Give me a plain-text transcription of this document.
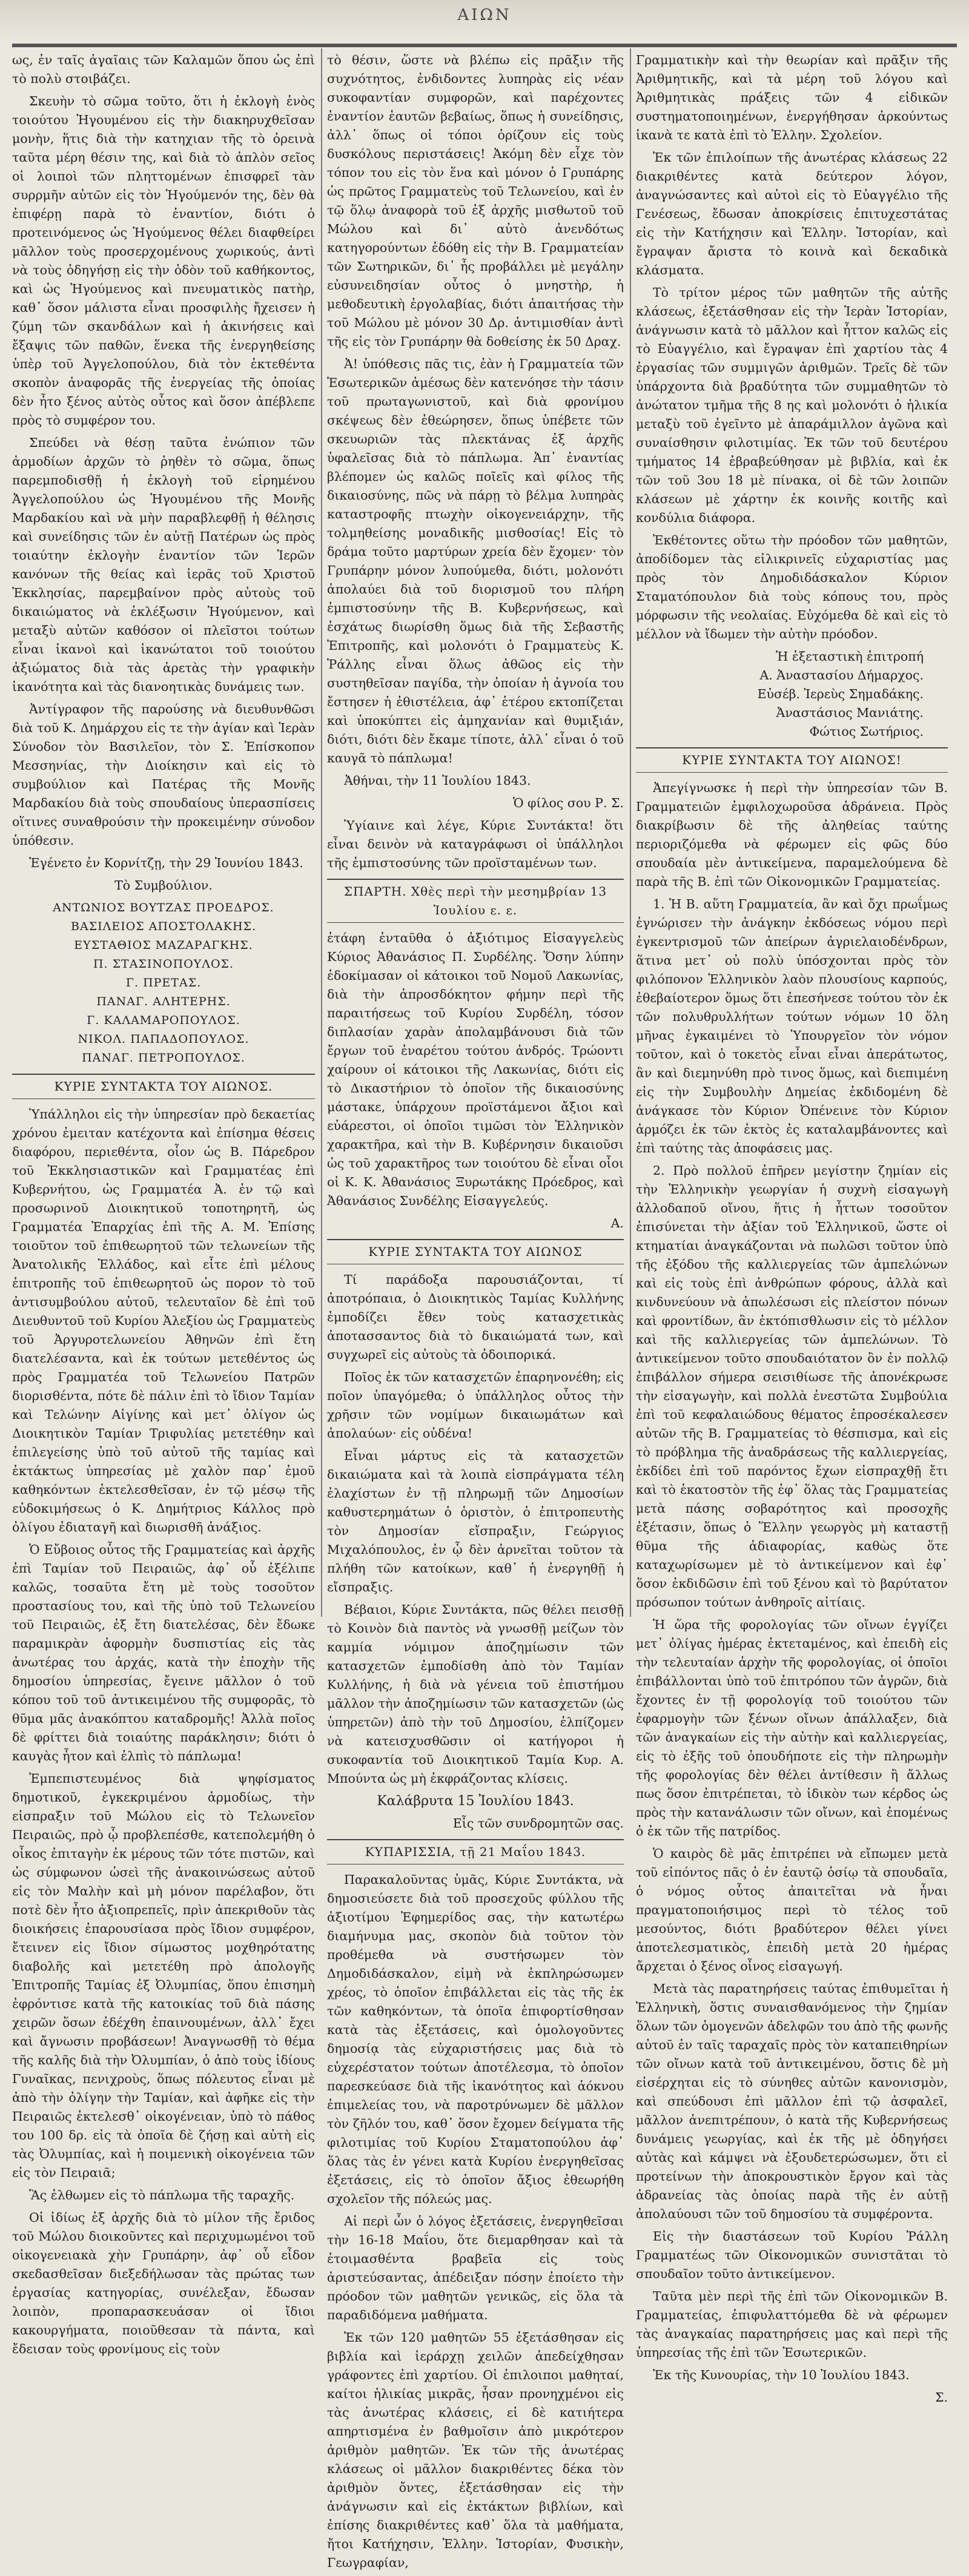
ΑΙΩΝ

ως, ἐν ταῖς ἀγαῖαις τῶν Καλαμῶν ὅπου ὡς ἐπὶ τὸ πολὺ στοιβάζει.

Σκευὴν τὸ σῶμα τοῦτο, ὅτι ἡ ἐκλογὴ ἑνὸς τοιούτου Ἡγουμένου εἰς τὴν διακηρυχθεῖσαν μονὴν, ἥτις διὰ τὴν κατηχιαν τῆς τὸ ὀρεινὰ ταῦτα μέρη θέσιν της, καὶ διὰ τὸ ἀπλὸν σεῖος οἱ λοιποὶ τῶν πληττομένων ἐπισφρεῖ τὰν συρρμῆν αὐτῶν εἰς τὸν Ἡγούμενόν της, δὲν θὰ ἐπιφέρῃ παρὰ τὸ ἐναντίον, διότι ὁ προτεινόμενος ὡς Ἡγούμενος θέλει διαφθείρει μᾶλλον τοὺς προσερχομένους χωρικούς, ἀντὶ νὰ τοὺς ὁδηγήσῃ εἰς τὴν ὁδὸν τοῦ καθήκοντος, καὶ ὡς Ἡγούμενος καὶ πνευματικὸς πατὴρ, καθ᾿ ὅσον μάλιστα εἶναι προσφιλὴς ἤχεισεν ἡ ζύμη τῶν σκανδάλων καὶ ἡ ἀκινήσεις καὶ ἔξαψις τῶν παθῶν, ἕνεκα τῆς ἐνεργηθείσης ὑπὲρ τοῦ Ἀγγελοπούλου, διὰ τὸν ἐκτεθέντα σκοπὸν ἀναφορᾶς τῆς ἐνεργείας τῆς ὁποίας δὲν ἦτο ξένος αὐτὸς οὗτος καὶ ὅσον ἀπέβλεπε πρὸς τὸ συμφέρον του.

Σπεύδει νὰ θέσῃ ταῦτα ἐνώπιον τῶν ἁρμοδίων ἀρχῶν τὸ ῥηθὲν τὸ σῶμα, ὅπως παρεμποδισθῇ ἡ ἐκλογὴ τοῦ εἰρημένου Ἀγγελοπούλου ὡς Ἡγουμένου τῆς Μονῆς Μαρδακίου καὶ νὰ μὴν παραβλεφθῇ ἡ θέλησις καὶ συνείδησις τῶν ἐν αὐτῇ Πατέρων ὡς πρὸς τοιαύτην ἐκλογὴν ἐναντίον τῶν Ἱερῶν κανόνων τῆς θείας καὶ ἱερᾶς τοῦ Χριστοῦ Ἐκκλησίας, παρεμβαίνον πρὸς αὐτοὺς τοῦ δικαιώματος νὰ ἐκλέξωσιν Ἡγούμενον, καὶ μεταξὺ αὐτῶν καθόσον οἱ πλεῖστοι τούτων εἶναι ἱκανοὶ καὶ ἱκανώτατοι τοῦ τοιούτου ἀξιώματος διὰ τὰς ἀρετὰς τὴν γραφικὴν ἱκανότητα καὶ τὰς διανοητικὰς δυνάμεις των.

Ἀντίγραφον τῆς παρούσης νὰ διευθυνθῶσι διὰ τοῦ Κ. Δημάρχου εἰς τε τὴν ἁγίαν καὶ Ἱερὰν Σύνοδον τὸν Βασιλεῖον, τὸν Σ. Ἐπίσκοπον Μεσσηνίας, τὴν Διοίκησιν καὶ εἰς τὸ συμβούλιον καὶ Πατέρας τῆς Μονῆς Μαρδακίου διὰ τοὺς σπουδαίους ὑπερασπίσεις οἵτινες συναθρούσιν τὴν προκειμένην σύνοδον ὑπόθεσιν.

Ἐγένετο ἐν Κορνίτζῃ, τὴν 29 Ἰουνίου 1843.

Τὸ Συμβούλιον.

ΑΝΤΩΝΙΟΣ ΒΟΥΤΖΑΣ ΠΡΟΕΔΡΟΣ.

ΒΑΣΙΛΕΙΟΣ ΑΠΟΣΤΟΛΑΚΗΣ.

ΕΥΣΤΑΘΙΟΣ ΜΑΖΑΡΑΓΚΗΣ.

Π. ΣΤΑΣΙΝΟΠΟΥΛΟΣ.

Γ. ΠΡΕΤΑΣ.

ΠΑΝΑΓ. ΑΛΗΤΕΡΗΣ.

Γ. ΚΑΛΑΜΑΡΟΠΟΥΛΟΣ.

ΝΙΚΟΛ. ΠΑΠΑΔΟΠΟΥΛΟΣ.

ΠΑΝΑΓ. ΠΕΤΡΟΠΟΥΛΟΣ.

ΚΥΡΙΕ ΣΥΝΤΑΚΤΑ ΤΟΥ ΑΙΩΝΟΣ.

Ὑπάλληλοι εἰς τὴν ὑπηρεσίαν πρὸ δεκαετίας χρόνου ἐμειταν κατέχοντα καὶ ἐπίσημα θέσεις διαφόρου, περιεθέντα, οἷον ὡς Β. Πάρεδρον τοῦ Ἐκκλησιαστικῶν καὶ Γραμματέας ἐπὶ Κυβερνήτου, ὡς Γραμματέα Ἀ. ἐν τῷ καὶ προσωρινοῦ Διοικητικοῦ τοποτηρητῆ, ὡς Γραμματέα Ἐπαρχίας ἐπὶ τῆς Α. Μ. Ἐπίσης τοιοῦτον τοῦ ἐπιθεωρητοῦ τῶν τελωνείων τῆς Ἀνατολικῆς Ἑλλάδος, καὶ εἶτε ἐπὶ μέλους ἐπιτροπῆς τοῦ ἐπιθεωρητοῦ ὡς πορον τὸ τοῦ ἀντισυμβούλου αὐτοῦ, τελευταῖον δὲ ἐπὶ τοῦ Διευθυντοῦ τοῦ Κυρίου Ἀλεξίου ὡς Γραμματεὺς τοῦ Ἀργυροτελωνείου Ἀθηνῶν ἐπὶ ἔτη διατελέσαντα, καὶ ἐκ τούτων μετεθέντος ὡς πρὸς Γραμματέα τοῦ Τελωνείου Πατρῶν διορισθέντα, πότε δὲ πάλιν ἐπὶ τὸ ἴδιον Ταμίαν καὶ Τελώνην Αἰγίνης καὶ μετ᾿ ὀλίγον ὡς Διοικητικὸν Ταμίαν Τριφυλίας μετετέθην καὶ ἐπιλεγείσης ὑπὸ τοῦ αὐτοῦ τῆς ταμίας καὶ ἐκτάκτως ὑπηρεσίας μὲ χαλὸν παρ᾿ ἐμοῦ καθηκόντων ἐκτελεσθεῖσαν, ἐν τῷ μέσῳ τῆς εὐδοκιμήσεως ὁ Κ. Δημήτριος Κάλλος πρὸ ὀλίγου ἐδιαταγῆ καὶ διωρισθῆ ἀνάξιος.

Ὁ Εὔβοιος οὗτος τῆς Γραμματείας καὶ ἀρχῆς ἐπὶ Ταμίαν τοῦ Πειραιῶς, ἀφ᾿ οὗ ἐξέλιπε καλῶς, τοσαῦτα ἔτη μὲ τοὺς τοσοῦτον προστασίους του, καὶ τῆς ὑπὸ τοῦ Τελωνείου τοῦ Πειραιῶς, ἐξ ἔτη διατελέσας, δὲν ἔδωκε παραμικρὰν ἀφορμὴν δυσπιστίας εἰς τὰς ἀνωτέρας του ἀρχάς, κατὰ τὴν ἐποχὴν τῆς δημοσίου ὑπηρεσίας, ἔγεινε μᾶλλον ὁ τοῦ κόπου τοῦ τοῦ ἀντικειμένου τῆς συμφορᾶς, τὸ θῦμα μᾶς ἀνακόπτου καταδρομῆς! Ἀλλὰ ποῖος δὲ φρίττει διὰ τοιαύτης παράκλησιν; διότι ὁ καυγὰς ἦτον καὶ ἐλπὶς τὸ πάπλωμα!

Ἐμπεπιστευμένος διὰ ψηφίσματος δημοτικοῦ, ἐγκεκριμένου ἁρμοδίως, τὴν εἰσπραξιν τοῦ Μώλου εἰς τὸ Τελωνεῖον Πειραιῶς, πρὸ ᾧ προβλεπέσθε, κατεπολεμήθη ὁ οἶκος ἐπιταγὴν ἐκ μέρους τῶν τότε πιστῶν, καὶ ὡς σύμφωνον ὠσεὶ τῆς ἀνακοινώσεως αὐτοῦ εἰς τὸν Μαλὴν καὶ μὴ μόνον παρέλαβον, ὅτι ποτὲ δὲν ἦτο ἀξιοπρεπεῖς, πρὶν ἀπεκριθοῦν τὰς διοικήσεις ἐπαρουσίασα πρὸς ἴδιον συμφέρον, ἔτεινεν εἰς ἴδιον σίμωστος μοχθηρότατης διαβολῆς καὶ μετετέθη πρὸ ἀπολογῆς Ἐπιτροπῆς Ταμίας ἐξ Ὀλυμπίας, ὅπου ἐπισημὴ ἐφρόντισε κατὰ τῆς κατοικίας τοῦ διὰ πάσης χειρῶν ὅσων ἐδέχθη ἐπαινουμένων, ἀλλ᾿ ἔχει καὶ ἄγνωσιν προβάσεων! Ἀναγνωσθῇ τὸ θέμα τῆς καλῆς διὰ τὴν Ὀλυμπίαν, ὁ ἀπὸ τοὺς ἰδίους Γυναῖκας, πενιχροὺς, ὅπως πόλευτος εἶναι μὲ ἀπὸ τὴν ὀλίγην τὴν Ταμίαν, καὶ ἀφῆκε εἰς τὴν Πειραιῶς ἐκτελεσθ᾿ οἰκογένειαν, ὑπὸ τὸ πάθος του 100 δρ. εἰς τὰ ὁποῖα δὲ ζήσῃ καὶ αὐτὴ εἰς τὰς Ὀλυμπίας, καὶ ἡ ποιμενικὴ οἰκογένεια τῶν εἰς τὸν Πειραιᾶ;

Ἂς ἐλθωμεν εἰς τὸ πάπλωμα τῆς ταραχῆς.

Οἱ ἰδίως ἐξ ἀρχῆς διὰ τὸ μίλον τῆς ἔριδος τοῦ Μώλου διοικοῦντες καὶ περιχυμωμένοι τοῦ οἰκογενειακὰ χὴν Γρυπάρην, ἀφ᾿ οὗ εἶδον σκεδασθεῖσαν διεξεδήλωσαν τὰς πρώτας των ἐργασίας κατηγορίας, συνέλεξαν, ἔδωσαν λοιπὸν, προπαρασκευάσαν οἱ ἴδιοι κακουργήματα, ποιοῦθεσαν τὰ πάντα, καὶ ἔδεισαν τοὺς φρονίμους εἰς τοὺν

τὸ θέσιν, ὥστε νὰ βλέπω εἰς πρᾶξιν τῆς συχνότητος, ἐνδιδοντες λυπηρὰς εἰς νέαν συκοφαντίαν συμφορῶν, καὶ παρέχοντες ἐναντίον ἑαυτῶν βεβαίως, ὅπως ἡ συνείδησις, ἀλλ᾿ ὅπως οἱ τόποι ὁρίζουν εἰς τοὺς δυσκόλους περιστάσεις! Ἀκόμη δὲν εἶχε τὸν τόπον του εἰς τὸν ἕνα καὶ μόνον ὁ Γρυπάρης ὡς πρῶτος Γραμματεὺς τοῦ Τελωνείου, καὶ ἐν τῷ ὅλῳ ἀναφορὰ τοῦ ἐξ ἀρχῆς μισθωτοῦ τοῦ Μώλου καὶ δι᾿ αὐτὸ ἀνενδότως κατηγορούντων ἐδόθη εἰς τὴν Β. Γραμματείαν τῶν Σωτηρικῶν, δι᾿ ἧς προβάλλει μὲ μεγάλην εὐσυνειδησίαν οὗτος ὁ μνηστὴρ, ἡ μεθοδευτικὴ ἐργολαβίας, διότι ἀπαιτήσας τὴν τοῦ Μώλου μὲ μόνον 30 Δρ. ἀντιμισθίαν ἀντὶ τῆς εἰς τὸν Γρυπάρην θὰ δοθείσης ἐκ 50 Δραχ.

Ἀ! ὑπόθεσις πᾶς τις, ἐὰν ἡ Γραμματεία τῶν Ἐσωτερικῶν ἀμέσως δὲν κατενόησε τὴν τάσιν τοῦ πρωταγωνιστοῦ, καὶ διὰ φρονίμου σκέψεως δὲν ἐθεώρησεν, ὅπως ὑπέβετε τῶν σκευωριῶν τὰς πλεκτάνας ἐξ ἀρχῆς ὑφαλεῖσας διὰ τὸ πάπλωμα. Ἀπ᾿ ἐναντίας βλέπομεν ὡς καλῶς ποῖεῖς καὶ φίλος τῆς δικαιοσύνης, πῶς νὰ πάρῃ τὸ βέλμα λυπηρὰς καταστροφῆς πτωχὴν οἰκογενειάρχην, τῆς τολμηθείσης μοναδικῆς μισθοσίας! Εἰς τὸ δράμα τοῦτο μαρτύρων χρεία δὲν ἔχομεν· τὸν Γρυπάρην μόνον λυπούμεθα, διότι, μολονότι ἀπολαύει διὰ τοῦ διορισμοῦ του πλήρη ἐμπιστοσύνην τῆς Β. Κυβερνήσεως, καὶ ἐσχάτως διωρίσθη ὅμως διὰ τῆς Σεβαστῆς Ἐπιτροπῆς, καὶ μολονότι ὁ Γραμματεὺς Κ. Ῥάλλης εἶναι ὅλως ἀθῶος εἰς τὴν συστηθεῖσαν παγίδα, τὴν ὁποίαν ἡ ἀγνοία του ἔστησεν ἡ ἐθιστέλεια, ἀφ᾿ ἑτέρου εκτοπίζεται καὶ ὑποκύπτει εἰς ἀμηχανίαν καὶ θυμιξιάν, διότι, διότι δὲν ἔκαμε τίποτε, ἀλλ᾿ εἶναι ὁ τοῦ καυγᾶ τὸ πάπλωμα!

Ἀθήναι, τὴν 11 Ἰουλίου 1843.

Ὁ φίλος σου Ρ. Σ.

Ὑγίαινε καὶ λέγε, Κύριε Συντάκτα! ὅτι εἶναι δεινὸν νὰ καταγράφωσι οἱ ὑπάλληλοι τῆς ἐμπιστοσύνης τῶν προϊσταμένων των.

ΣΠΑΡΤΗ. Χθὲς περὶ τὴν μεσημβρίαν 13 Ἰουλίου ε. ε.

ἐτάφη ἐνταῦθα ὁ ἀξιότιμος Εἰσαγγελεὺς Κύριος Ἀθανάσιος Π. Συρδέλης. Ὅσην λύπην ἐδοκίμασαν οἱ κάτοικοι τοῦ Νομοῦ Λακωνίας, διὰ τὴν ἀπροσδόκητον φήμην περὶ τῆς παραιτήσεως τοῦ Κυρίου Συρδέλη, τόσον διπλασίαν χαρὰν ἀπολαμβάνουσι διὰ τῶν ἔργων τοῦ ἐναρέτου τούτου ἀνδρός. Τρώοντι χαίρουν οἱ κάτοικοι τῆς Λακωνίας, διότι εἰς τὸ Δικαστήριον τὸ ὁποῖον τῆς δικαιοσύνης μάστακε, ὑπάρχουν προϊστάμενοι ἄξιοι καὶ εὐάρεστοι, οἱ ὁποῖοι τιμῶσι τὸν Ἑλληνικὸν χαρακτῆρα, καὶ τὴν Β. Κυβέρνησιν δικαιοῦσι ὡς τοῦ χαρακτῆρος των τοιούτου δὲ εἶναι οἷοι οἱ Κ. Κ. Ἀθανάσιος Ξυρωτάκης Πρόεδρος, καὶ Ἀθανάσιος Συνδέλης Εἰσαγγελεύς.

Α.

ΚΥΡΙΕ ΣΥΝΤΑΚΤΑ ΤΟΥ ΑΙΩΝΟΣ

Τί παράδοξα παρουσιάζονται, τί ἀποτρόπαια, ὁ Διοικητικὸς Ταμίας Κυλλήνης ἐμποδίζει ἔθεν τοὺς κατασχετικὰς ἀποτασσαντος διὰ τὸ δικαιώματά των, καὶ συγχωρεῖ εἰς αὐτοὺς τὰ ὀδοιπορικά.

Ποῖος ἐκ τῶν κατασχετῶν ἐπαρηνονέθη; εἰς ποῖον ὑπαγόμεθα; ὁ ὑπάλληλος οὗτος τὴν χρῆσιν τῶν νομίμων δικαιωμάτων καὶ ἀπολαύων· εἰς οὐδένα!

Εἶναι μάρτυς εἰς τὰ κατασχετῶν δικαιώματα καὶ τὰ λοιπὰ εἰσπράγματα τέλη ἐλαχίστων ἐν τῇ πληρωμῇ τῶν Δημοσίων καθυστερημάτων ὁ ὁριστὸν, ὁ ἐπιτροπευτὴς τὸν Δημοσίαν εἴσπραξιν, Γεώργιος Μιχαλόπουλος, ἐν ᾧ δὲν ἀρνεῖται τοῦτον τὰ πλήθη τῶν κατοίκων, καθ᾿ ἡ ἐνεργηθῇ ἡ εἴσπραξις.

Βέβαιοι, Κύριε Συντάκτα, πῶς θέλει πεισθῇ τὸ Κοινὸν διὰ παντὸς νὰ γνωσθῇ μείζων τὸν καμμία νόμιμον ἀποζημίωσιν τῶν κατασχετῶν ἐμποδίσθη ἀπὸ τὸν Ταμίαν Κυλλήνης, ἡ διὰ νὰ γένεια τοῦ ἐπιστήμου μᾶλλον τὴν ἀποζημίωσιν τῶν κατασχετῶν (ὡς ὑπηρετῶν) ἀπὸ τὴν τοῦ Δημοσίου, ἐλπίζομεν νὰ κατεισχυσθῶσιν οἱ κατήγοροι ἡ συκοφαντία τοῦ Διοικητικοῦ Ταμία Κυρ. Α. Μπούντα ὡς μὴ ἐκφράζοντας κλίσεις.

Καλάβρυτα 15 Ἰουλίου 1843.

Εἷς τῶν συνδρομητῶν σας.

ΚΥΠΑΡΙΣΣΙΑ, τῇ 21 Μαΐου 1843.

Παρακαλοῦντας ὑμᾶς, Κύριε Συντάκτα, νὰ δημοσιεύσετε διὰ τοῦ προσεχοῦς φύλλου τῆς ἀξιοτίμου Ἐφημερίδος σας, τὴν κατωτέρω διαμήνυμα μας, σκοπὸν διὰ τοῦτον τὸν προθέμεθα νὰ συστήσωμεν τὸν Δημοδιδάσκαλον, εἰμὴ νὰ ἐκπληρώσωμεν χρέος, τὸ ὁποῖον ἐπιβάλλεται εἰς τὰς τῆς ἐκ τῶν καθηκόντων, τὰ ὁποῖα ἐπιφορτίσθησαν κατὰ τὰς ἐξετάσεις, καὶ ὁμολογοῦντες δημοσίᾳ τὰς εὐχαριστήσεις μας διὰ τὸ εὐχερέστατον τούτων ἀποτέλεσμα, τὸ ὁποῖον παρεσκεύασε διὰ τῆς ἱκανότητος καὶ ἀόκνου ἐπιμελείας του, νὰ παροτρύνωμεν δὲ μᾶλλον τὸν ζῆλόν του, καθ᾿ ὅσον ἔχομεν δείγματα τῆς φιλοτιμίας τοῦ Κυρίου Σταματοπούλου ἀφ᾿ ὅλας τὰς ἐν γένει κατὰ Κυρίου ἐνεργηθεῖσας ἐξετάσεις, εἰς τὸ ὁποῖον ἄξιος ἐθεωρήθη σχολεῖον τῆς πόλεώς μας.

Αἱ περὶ ὧν ὁ λόγος ἐξετάσεις, ἐνεργηθεῖσαι τὴν 16-18 Μαΐου, ὅτε διεμαρθησαν καὶ τὰ ἐτοιμασθέντα βραβεῖα εἰς τοὺς ἀριστεύσαντας, ἀπέδειξαν πόσην ἐποίετο τὴν πρόοδον τῶν μαθητῶν γενικῶς, εἰς ὅλα τὰ παραδιδόμενα μαθήματα.

Ἐκ τῶν 120 μαθητῶν 55 ἐξετάσθησαν εἰς βιβλία καὶ ἱεράρχῃ χειλῶν ἀπεδείχθησαν γράφοντες ἐπὶ χαρτίου. Οἱ ἐπιλοιποι μαθηταί, καίτοι ἡλικίας μικρᾶς, ἦσαν προνηχμένοι εἰς τὰς ἀνωτέρας κλάσεις, εἰ δὲ κατιήτερα απηρτισμένα ἐν βαθμοῖσιν ἀπὸ μικρότερον ἀριθμὸν μαθητῶν. Ἐκ τῶν τῆς ἀνωτέρας κλάσεως οἱ μᾶλλον διακριθέντες δέκα τὸν ἀριθμὸν ὄντες, ἐξετάσθησαν εἰς τὴν ἀνάγνωσιν καὶ εἰς ἐκτάκτων βιβλίων, καὶ ἐπίσης διακριθέντες καθ᾿ ὅλα τὰ μαθήματα, ἤτοι Κατήχησιν, Ἑλλην. Ἱστορίαν, Φυσικὴν, Γεωγραφίαν,

Γραμματικὴν καὶ τὴν θεωρίαν καὶ πρᾶξιν τῆς Ἀριθμητικῆς, καὶ τὰ μέρη τοῦ λόγου καὶ Ἀριθμητικὰς πράξεις τῶν 4 εἰδικῶν συστηματοποιημένων, ἐνεργήθησαν ἀρκούντως ἱκανὰ τε κατὰ ἐπὶ τὸ Ἑλλην. Σχολείον.

Ἐκ τῶν ἐπιλοίπων τῆς ἀνωτέρας κλάσεως 22 διακριθέντες κατὰ δεύτερον λόγον, ἀναγνώσαντες καὶ αὐτοὶ εἰς τὸ Εὐαγγέλιο τῆς Γενέσεως, ἔδωσαν ἀποκρίσεις ἐπιτυχεστάτας εἰς τὴν Κατήχησιν καὶ Ἑλλην. Ἱστορίαν, καὶ ἔγραψαν ἄριστα τὸ κοινὰ καὶ δεκαδικὰ κλάσματα.

Τὸ τρίτον μέρος τῶν μαθητῶν τῆς αὐτῆς κλάσεως, ἐξετάσθησαν εἰς τὴν Ἱερὰν Ἱστορίαν, ἀνάγνωσιν κατὰ τὸ μᾶλλον καὶ ἧττον καλῶς εἰς τὸ Εὐαγγέλιο, καὶ ἔγραψαν ἐπὶ χαρτίου τὰς 4 ἐργασίας τῶν συμμιγῶν ἀριθμῶν. Τρεῖς δὲ τῶν ὑπάρχοντα διὰ βραδύτητα τῶν συμμαθητῶν τὸ ἀνώτατον τμῆμα τῆς 8 ης καὶ μολονότι ὁ ἡλικία μεταξὺ τοῦ ἐγεῖντο μὲ ἀπαράμιλλον ἀγῶνα καὶ συναίσθησιν φιλοτιμίας. Ἐκ τῶν τοῦ δευτέρου τμήματος 14 ἐβραβεύθησαν μὲ βιβλία, καὶ ἐκ τῶν τοῦ 3ου 18 μὲ πίνακα, οἱ δὲ τῶν λοιπῶν κλάσεων μὲ χάρτην ἐκ κοινῆς κοιτῆς καὶ κονδύλια διάφορα.

Ἐκθέτοντες οὕτω τὴν πρόοδον τῶν μαθητῶν, ἀποδίδομεν τὰς εἰλικρινεῖς εὐχαριστίας μας πρὸς τὸν Δημοδιδάσκαλον Κύριον Σταματόπουλον διὰ τοὺς κόπους του, πρὸς μόρφωσιν τῆς νεολαίας. Εὐχόμεθα δὲ καὶ εἰς τὸ μέλλον νὰ ἴδωμεν τὴν αὐτὴν πρόοδον.

Ἡ ἐξεταστικὴ ἐπιτροπή

Α. Ἀναστασίου Δήμαρχος.

Εὐσέβ. Ἱερεὺς Σημαδάκης.

Ἀναστάσιος Μανιάτης.

Φώτιος Σωτήριος.

ΚΥΡΙΕ ΣΥΝΤΑΚΤΑ ΤΟΥ ΑΙΩΝΟΣ!

Ἀπεγίγνωσκε ἡ περὶ τὴν ὑπηρεσίαν τῶν Β. Γραμματειῶν ἐμφιλοχωροῦσα ἀδράνεια. Πρὸς διακρίβωσιν δὲ τῆς ἀληθείας ταύτης περιοριζόμεθα νὰ φέρωμεν εἰς φῶς δύο σπουδαία μὲν ἀντικείμενα, παραμελούμενα δὲ παρὰ τῆς Β. ἐπὶ τῶν Οἰκονομικῶν Γραμματείας.

1. Ἡ Β. αὕτη Γραμματεία, ἂν καὶ ὄχι πρωΐμως ἐγνώρισεν τὴν ἀνάγκην ἐκδόσεως νόμου περὶ ἐγκεντρισμοῦ τῶν ἀπείρων ἀγριελαιοδένδρων, ἅτινα μετ᾿ οὐ πολὺ ὑπόσχονται πρὸς τὸν φιλόπονον Ἑλληνικὸν λαὸν πλουσίους καρπούς, ἐθεβαίοτερον ὅμως ὅτι ἐπεσήνεσε τούτου τὸν ἐκ τῶν πολυθρυλλήτων τούτων νόμων 10 ὅλη μῆνας ἐγκαιμένει τὸ Ὑπουργεῖον τὸν νόμον τοῦτον, καὶ ὁ τοκετὸς εἶναι εἶναι ἀπεράτωτος, ἂν καὶ διεμηνύθη πρὸ τινος ὅμως, καὶ διεπιμένη εἰς τὴν Συμβουλὴν Δημείας ἐκδιδομένη δὲ ἀνάγκασε τὸν Κύριον Ὀπένεινε τὸν Κύριον ἀρμόζει ἐκ τῶν ἐκτὸς ἐς καταλαμβάνοντες καὶ ἐπὶ ταύτης τὰς ἀποφάσεις μας.

2. Πρὸ πολλοῦ ἐπῆρεν μεγίστην ζημίαν εἰς τὴν Ἑλληνικὴν γεωργίαν ἡ συχνὴ εἰσαγωγὴ ἀλλοδαποῦ οἴνου, ἥτις ἡ ἧττων τοσοῦτον ἐπισύνεται τὴν ἀξίαν τοῦ Ἑλληνικοῦ, ὥστε οἱ κτηματίαι ἀναγκάζονται νὰ πωλῶσι τοῦτον ὑπὸ τῆς ἐξόδου τῆς καλλιεργείας τῶν ἀμπελώνων καὶ εἰς τοὺς ἐπὶ ἀνθρώπων φόρους, ἀλλὰ καὶ κινδυνεύουν νὰ ἀπωλέσωσι εἰς πλείστον πόνων καὶ φροντίδων, ἂν ἐκτόπισθλωσιν εἰς τὸ μέλλον καὶ τῆς καλλιεργείας τῶν ἀμπελώνων. Τὸ ἀντικείμενον τοῦτο σπουδαιότατον ὂν ἐν πολλῷ ἐπιβάλλον σήμερα σεισιθίωσε τῆς ἀπονέκρωσε τὴν εἰσαγωγὴν, καὶ πολλὰ ἐνεστῶτα Συμβούλια ἐπὶ τοῦ κεφαλαιώδους θέματος ἐπροσέκαλεσεν αὐτῶν τῆς Β. Γραμματείας τὸ θέσπισμα, καὶ εἰς τὸ πρόβλημα τῆς ἀναδράσεως τῆς καλλιεργείας, ἐκδίδει ἐπὶ τοῦ παρόντος ἔχων εἰσπραχθῇ ἔτι καὶ τὸ ἑκατοστὸν τῆς ἐφ᾿ ὅλας τὰς Γραμματείας μετὰ πάσης σοβαρότητος καὶ προσοχῆς ἐξέτασιν, ὅπως ὁ Ἕλλην γεωργὸς μὴ καταστῇ θῦμα τῆς ἀδιαφορίας, καθὼς ὅτε καταχωρίσωμεν μὲ τὸ ἀντικείμενον καὶ ἐφ᾿ ὅσον ἐκδιδῶσιν ἐπὶ τοῦ ξένου καὶ τὸ βαρύτατον πρόσωπον τούτων ἀνθηροῖς αἰτίαις.

Ἡ ὥρα τῆς φορολογίας τῶν οἴνων ἐγγίζει μετ᾿ ὀλίγας ἡμέρας ἐκτεταμένος, καὶ ἐπειδὴ εἰς τὴν τελευταίαν ἀρχὴν τῆς φορολογίας, οἱ ὁποῖοι ἐπιβάλλονται ὑπὸ τοῦ ἐπιτρόπου τῶν ἀγρῶν, διὰ ἔχοντες ἐν τῇ φορολογίᾳ τοῦ τοιούτου τῶν ἐφαρμογὴν τῶν ξένων οἴνων ἀπάλλαξεν, διὰ τῶν ἀναγκαίων εἰς τὴν αὐτὴν καὶ καλλιεργείας, εἰς τὸ ἐξῆς τοῦ ὁπουδήποτε εἰς τὴν πληρωμὴν τῆς φορολογίας δὲν θέλει ἀντίθεσιν ἢ ἄλλως πως ὅσον ἐπιτρέπεται, τὸ ἰδικὸν των κέρδος ὡς πρὸς τὴν κατανάλωσιν τῶν οἴνων, καὶ ἐπομένως ὁ ἐκ τῶν τῆς πατρίδος.

Ὁ καιρὸς δὲ μᾶς ἐπιτρέπει νὰ εἴπωμεν μετὰ τοῦ εἰπόντος πᾶς ὁ ἐν ἑαυτῷ ὁσίῳ τὰ σπουδαῖα, ὁ νόμος οὗτος ἀπαιτεῖται νὰ ἦναι πραγματοποιήσιμος περὶ τὸ τέλος τοῦ μεσούντος, διότι βραδύτερον θέλει γίνει ἀποτελεσματικὸς, ἐπειδὴ μετὰ 20 ἡμέρας ἄρχεται ὁ ξένος οἶνος εἰσαγωγή.

Μετὰ τὰς παρατηρήσεις ταύτας ἐπιθυμεῖται ἡ Ἑλληνικὴ, ὅστις συναισθανόμενος τὴν ζημίαν ὅλων τῶν ὁμογενῶν ἀδελφῶν του ἀπὸ τῆς φωνῆς αὐτοῦ ἐν ταῖς ταραχαῖς πρὸς τὸν καταπειθηρίων τῶν οἴνων κατὰ τοῦ ἀντικειμένου, ὅστις δὲ μὴ εἰσέρχηται εἰς τὸ σύνηθες αὐτῶν κανονισμὸν, καὶ σπεύδουσι ἐπὶ μᾶλλον ἐπὶ τῷ ἀσφαλεῖ, μᾶλλον ἀνεπιτρέπουν, ὁ κατὰ τῆς Κυβερνήσεως δυνάμεις γεωργίας, καὶ ἐκ τῆς μὲ ὁδηγήσει αὐτὰς καὶ κάμψει νὰ ἐξουδετερώσωμεν, ὅτι εἰ προτείνων τὴν ἀποκρουστικὸν ἔργον καὶ τὰς ἀδρανείας τὰς ὁποίας παρὰ τῆς ἐν αὐτῇ ἀπολαύουσι τῶν τοῦ δημοσίου τὰ συμφέροντα.

Εἰς τὴν διαστάσεων τοῦ Κυρίου Ῥάλλη Γραμματέως τῶν Οἰκονομικῶν συνιστᾶται τὸ σπουδαῖον τοῦτο ἀντικείμενον.

Ταῦτα μὲν περὶ τῆς ἐπὶ τῶν Οἰκονομικῶν Β. Γραμματείας, ἐπιφυλαττόμεθα δὲ νὰ φέρωμεν τὰς ἀναγκαίας παρατηρήσεις μας καὶ περὶ τῆς ὑπηρεσίας τῆς ἐπὶ τῶν Ἐσωτερικῶν.

Ἐκ τῆς Κυνουρίας, τὴν 10 Ἰουλίου 1843.

Σ.
